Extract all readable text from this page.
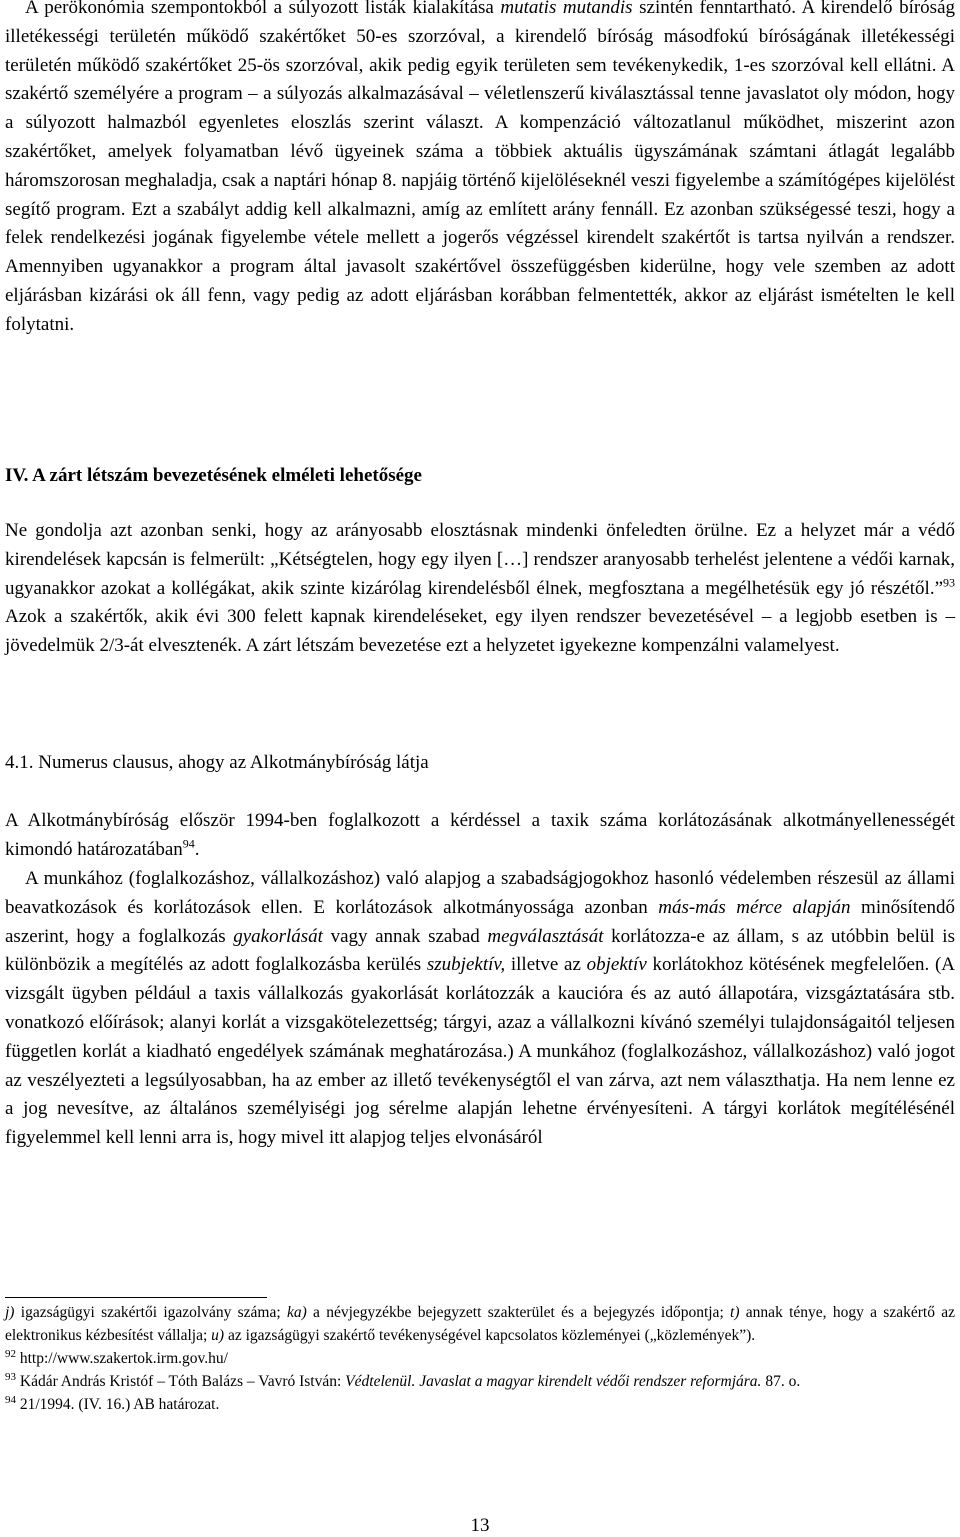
A perökonómia szempontokból a súlyozott listák kialakítása mutatis mutandis szintén fenntartható. A kirendelő bíróság illetékességi területén működő szakértőket 50-es szorzóval, a kirendelő bíróság másodfokú bíróságának illetékességi területén működő szakértőket 25-ös szorzóval, akik pedig egyik területen sem tevékenykedik, 1-es szorzóval kell ellátni. A szakértő személyére a program – a súlyozás alkalmazásával – véletlenszerű kiválasztással tenne javaslatot oly módon, hogy a súlyozott halmazból egyenletes eloszlás szerint választ. A kompenzáció változatlanul működhet, miszerint azon szakértőket, amelyek folyamatban lévő ügyeinek száma a többiek aktuális ügyszámának számtani átlagát legalább háromszorosan meghaladja, csak a naptári hónap 8. napjáig történő kijelöléseknél veszi figyelembe a számítógépes kijelölést segítő program. Ezt a szabályt addig kell alkalmazni, amíg az említett arány fennáll. Ez azonban szükségessé teszi, hogy a felek rendelkezési jogának figyelembe vétele mellett a jogerős végzéssel kirendelt szakértőt is tartsa nyilván a rendszer. Amennyiben ugyanakkor a program által javasolt szakértővel összefüggésben kiderülne, hogy vele szemben az adott eljárásban kizárási ok áll fenn, vagy pedig az adott eljárásban korábban felmentették, akkor az eljárást ismételten le kell folytatni.

IV. A zárt létszám bevezetésének elméleti lehetősége

Ne gondolja azt azonban senki, hogy az arányosabb elosztásnak mindenki önfeledten örülne. Ez a helyzet már a védő kirendelések kapcsán is felmerült: „Kétségtelen, hogy egy ilyen […] rendszer aranyosabb terhelést jelentene a védői karnak, ugyanakkor azokat a kollégákat, akik szinte kizárólag kirendelésből élnek, megfosztana a megélhetésük egy jó részétől.”$^{93}$ Azok a szakértők, akik évi 300 felett kapnak kirendeléseket, egy ilyen rendszer bevezetésével – a legjobb esetben is – jövedelmük 2/3-át elvesztenék. A zárt létszám bevezetése ezt a helyzetet igyekezne kompenzálni valamelyest.

4.1. Numerus clausus, ahogy az Alkotmánybíróság látja

A Alkotmánybíróság először 1994-ben foglalkozott a kérdéssel a taxik száma korlátozásának alkotmányellenességét kimondó határozatában$^{94}$.

A munkához (foglalkozáshoz, vállalkozáshoz) való alapjog a szabadságjogokhoz hasonló védelemben részesül az állami beavatkozások és korlátozások ellen. E korlátozások alkotmányossága azonban más-más mérce alapján minősítendő aszerint, hogy a foglalkozás gyakorlását vagy annak szabad megválasztását korlátozza-e az állam, s az utóbbin belül is különbözik a megítélés az adott foglalkozásba kerülés szubjektív, illetve az objektív korlátokhoz kötésének megfelelően. (A vizsgált ügyben például a taxis vállalkozás gyakorlását korlátozzák a kaucióra és az autó állapotára, vizsgáztatására stb. vonatkozó előírások; alanyi korlát a vizsgakötelezettség; tárgyi, azaz a vállalkozni kívánó személyi tulajdonságaitól teljesen független korlát a kiadható engedélyek számának meghatározása.) A munkához (foglalkozáshoz, vállalkozáshoz) való jogot az veszélyezteti a legsúlyosabban, ha az ember az illető tevékenységtől el van zárva, azt nem választhatja. Ha nem lenne ez a jog nevesítve, az általános személyiségi jog sérelme alapján lehetne érvényesíteni. A tárgyi korlátok megítélésénél figyelemmel kell lenni arra is, hogy mivel itt alapjog teljes elvonásáról

j) igazságügyi szakértői igazolvány száma; ka) a névjegyzékbe bejegyzett szakterület és a bejegyzés időpontja; t) annak ténye, hogy a szakértő az elektronikus kézbesítést vállalja; u) az igazságügyi szakértő tevékenységével kapcsolatos közleményei („közlemények”).

$^{92}$ http://www.szakertok.irm.gov.hu/

$^{93}$ Kádár András Kristóf – Tóth Balázs – Vavró István: Védtelenül. Javaslat a magyar kirendelt védői rendszer reformjára. 87. o.

$^{94}$ 21/1994. (IV. 16.) AB határozat.

13
